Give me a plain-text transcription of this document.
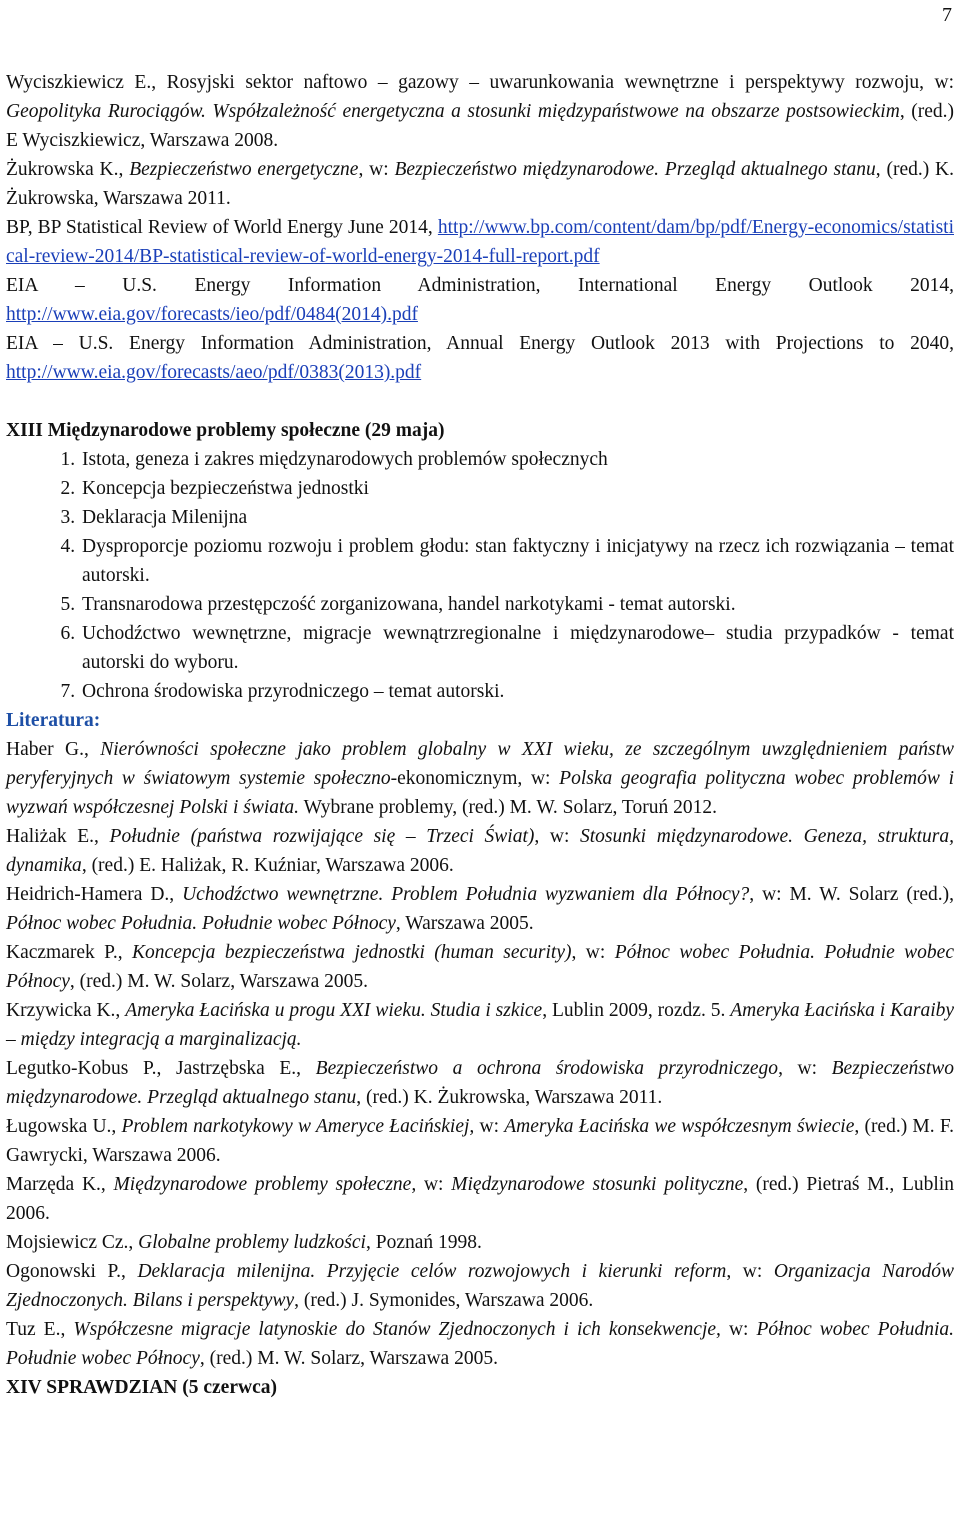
7

Wyciszkiewicz E., Rosyjski sektor naftowo – gazowy – uwarunkowania wewnętrzne i perspektywy rozwoju, w: Geopolityka Rurociągów. Współzależność energetyczna a stosunki międzypaństwowe na obszarze postsowieckim, (red.) E Wyciszkiewicz, Warszawa 2008.

Żukrowska K., Bezpieczeństwo energetyczne, w: Bezpieczeństwo międzynarodowe. Przegląd aktualnego stanu, (red.) K. Żukrowska, Warszawa 2011.

BP, BP Statistical Review of World Energy June 2014, http://www.bp.com/content/dam/bp/pdf/Energy-economics/statistical-review-2014/BP-statistical-review-of-world-energy-2014-full-report.pdf

EIA – U.S. Energy Information Administration, International Energy Outlook 2014, http://www.eia.gov/forecasts/ieo/pdf/0484(2014).pdf

EIA – U.S. Energy Information Administration, Annual Energy Outlook 2013 with Projections to 2040, http://www.eia.gov/forecasts/aeo/pdf/0383(2013).pdf

XIII Międzynarodowe problemy społeczne (29 maja)
1. Istota, geneza i zakres międzynarodowych problemów społecznych
2. Koncepcja bezpieczeństwa jednostki
3. Deklaracja Milenijna
4. Dysproporcje poziomu rozwoju i problem głodu: stan faktyczny i inicjatywy na rzecz ich rozwiązania – temat autorski.
5. Transnarodowa przestępczość zorganizowana, handel narkotykami - temat autorski.
6. Uchodźctwo wewnętrzne, migracje wewnątrzregionalne i międzynarodowe– studia przypadków - temat autorski do wyboru.
7. Ochrona środowiska przyrodniczego – temat autorski.
Literatura:

Haber G., Nierówności społeczne jako problem globalny w XXI wieku, ze szczególnym uwzględnieniem państw peryferyjnych w światowym systemie społeczno-ekonomicznym, w: Polska geografia polityczna wobec problemów i wyzwań współczesnej Polski i świata. Wybrane problemy, (red.) M. W. Solarz, Toruń 2012.

Haliżak E., Południe (państwa rozwijające się – Trzeci Świat), w: Stosunki międzynarodowe. Geneza, struktura, dynamika, (red.) E. Haliżak, R. Kuźniar, Warszawa 2006.

Heidrich-Hamera D., Uchodźctwo wewnętrzne. Problem Południa wyzwaniem dla Północy?, w: M. W. Solarz (red.), Północ wobec Południa. Południe wobec Północy, Warszawa 2005.

Kaczmarek P., Koncepcja bezpieczeństwa jednostki (human security), w: Północ wobec Południa. Południe wobec Północy, (red.) M. W. Solarz, Warszawa 2005.

Krzywicka K., Ameryka Łacińska u progu XXI wieku. Studia i szkice, Lublin 2009, rozdz. 5. Ameryka Łacińska i Karaiby – między integracją a marginalizacją.

Legutko-Kobus P., Jastrzębska E., Bezpieczeństwo a ochrona środowiska przyrodniczego, w: Bezpieczeństwo międzynarodowe. Przegląd aktualnego stanu, (red.) K. Żukrowska, Warszawa 2011.

Ługowska U., Problem narkotykowy w Ameryce Łacińskiej, w: Ameryka Łacińska we współczesnym świecie, (red.) M. F. Gawrycki, Warszawa 2006.

Marzęda K., Międzynarodowe problemy społeczne, w: Międzynarodowe stosunki polityczne, (red.) Pietraś M., Lublin 2006.

Mojsiewicz Cz., Globalne problemy ludzkości, Poznań 1998.

Ogonowski P., Deklaracja milenijna. Przyjęcie celów rozwojowych i kierunki reform, w: Organizacja Narodów Zjednoczonych. Bilans i perspektywy, (red.) J. Symonides, Warszawa 2006.

Tuz E., Współczesne migracje latynoskie do Stanów Zjednoczonych i ich konsekwencje, w: Północ wobec Południa. Południe wobec Północy, (red.) M. W. Solarz, Warszawa 2005.

XIV SPRAWDZIAN (5 czerwca)
